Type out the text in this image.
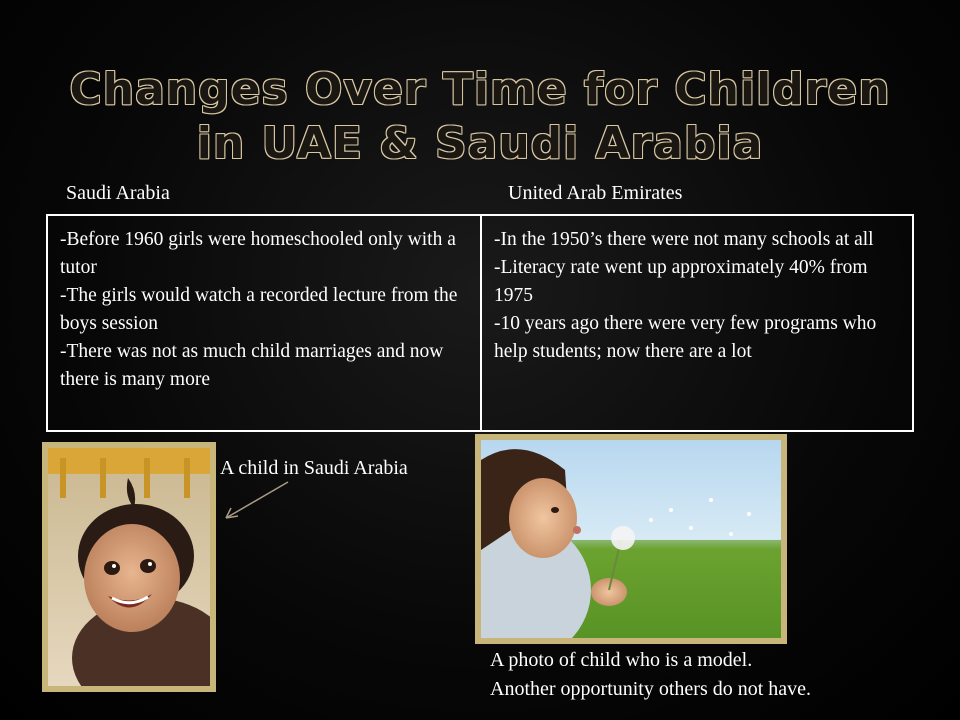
Changes Over Time for Children
in UAE & Saudi Arabia
Saudi Arabia	United Arab Emirates
-Before 1960 girls were homeschooled only with a tutor
-The girls would watch a recorded lecture from the boys session
-There was not as much child marriages and now there is many more
-In the 1950’s there were not many schools at all
-Literacy rate went up approximately 40% from 1975
-10 years ago there were very few programs who help students; now there are a lot
A child in Saudi Arabia
A photo of child who is a model.
Another opportunity others do not have.
